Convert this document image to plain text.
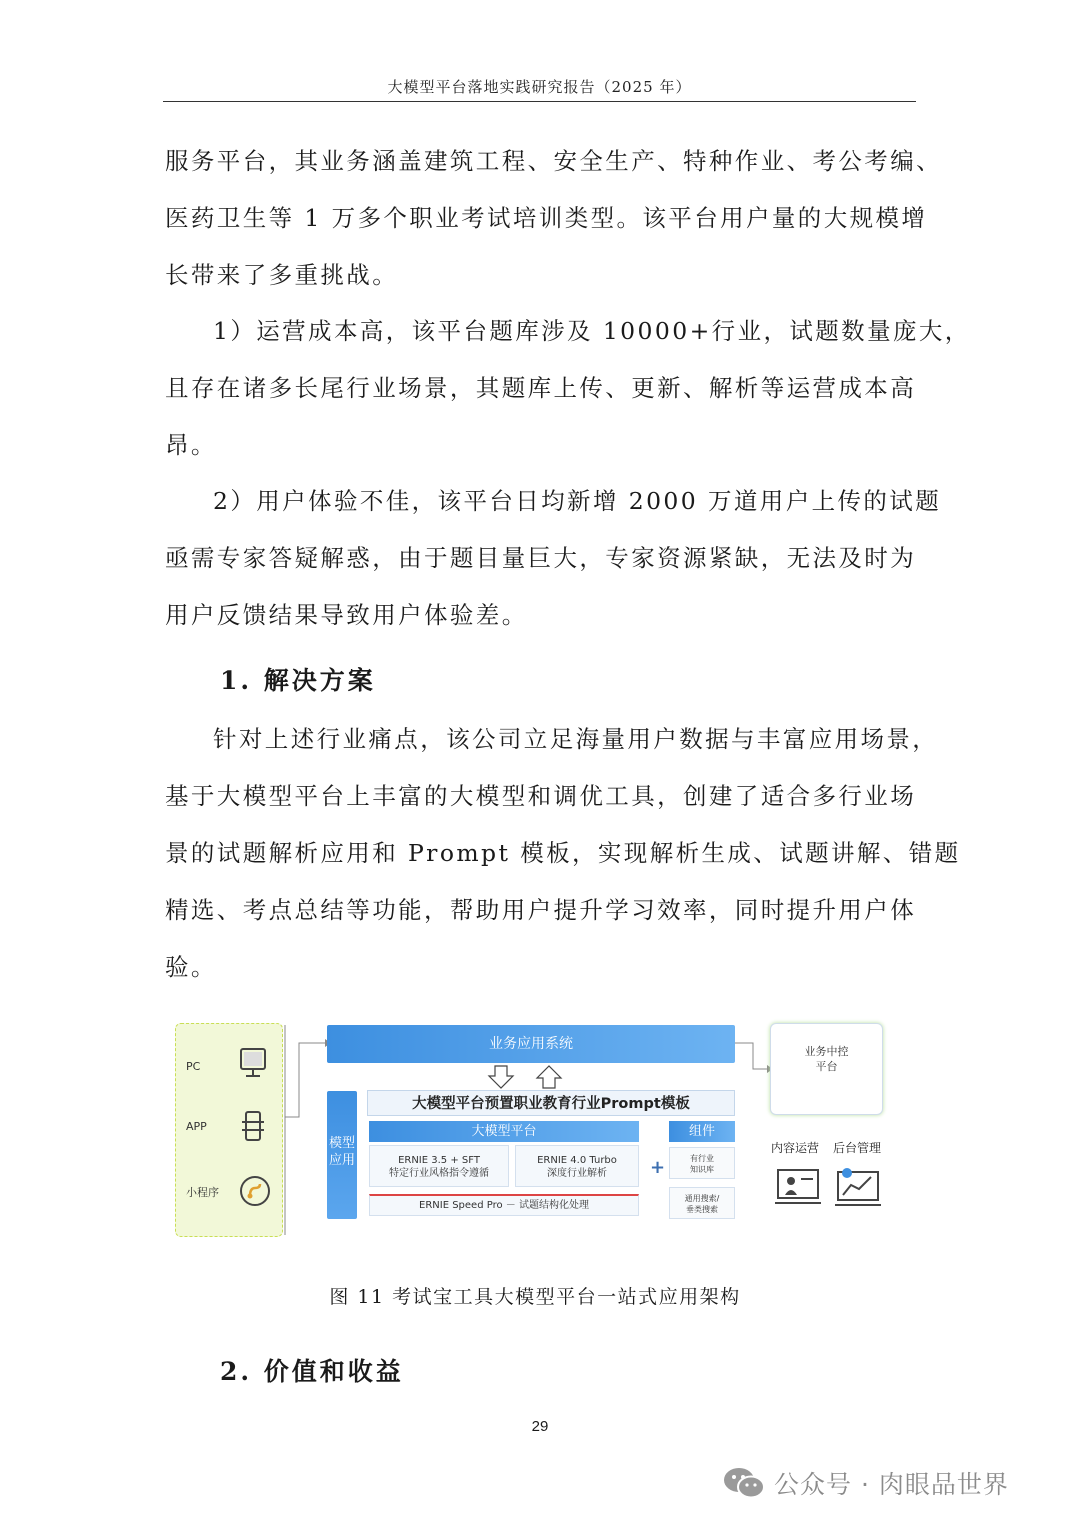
大模型平台落地实践研究报告（2025 年）
服务平台，其业务涵盖建筑工程、安全生产、特种作业、考公考编、
医药卫生等 1 万多个职业考试培训类型。该平台用户量的大规模增
长带来了多重挑战。
1）运营成本高，该平台题库涉及 10000+行业，试题数量庞大，
且存在诸多长尾行业场景，其题库上传、更新、解析等运营成本高
昂。
2）用户体验不佳，该平台日均新增 2000 万道用户上传的试题
亟需专家答疑解惑，由于题目量巨大，专家资源紧缺，无法及时为
用户反馈结果导致用户体验差。
1. 解决方案
针对上述行业痛点，该公司立足海量用户数据与丰富应用场景，
基于大模型平台上丰富的大模型和调优工具，创建了适合多行业场
景的试题解析应用和 Prompt 模板，实现解析生成、试题讲解、错题
精选、考点总结等功能，帮助用户提升学习效率，同时提升用户体
验。
PC
APP
小程序
业务应用系统	业务中控
平台
模型
应用
大模型平台预置职业教育行业Prompt模板
大模型平台	组件
ERNIE 3.5 + SFT
特定行业风格指令遵循
ERNIE 4.0 Turbo
深度行业解析	+	有行业
知识库
通用搜索/
垂类搜索
ERNIE Speed Pro － 试题结构化处理
内容运营 后台管理
图 11 考试宝工具大模型平台一站式应用架构
2. 价值和收益
29
公众号 · 肉眼品世界
